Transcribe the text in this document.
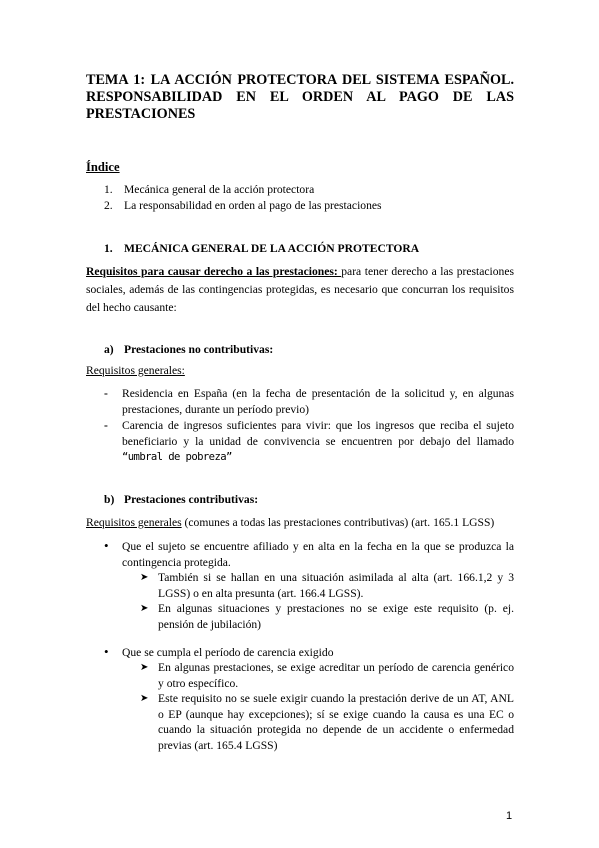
TEMA 1: LA ACCIÓN PROTECTORA DEL SISTEMA ESPAÑOL. RESPONSABILIDAD EN EL ORDEN AL PAGO DE LAS PRESTACIONES
Índice
1. Mecánica general de la acción protectora
2. La responsabilidad en orden al pago de las prestaciones
1. MECÁNICA GENERAL DE LA ACCIÓN PROTECTORA

Requisitos para causar derecho a las prestaciones: para tener derecho a las prestaciones sociales, además de las contingencias protegidas, es necesario que concurran los requisitos del hecho causante:

a) Prestaciones no contributivas:
Requisitos generales:
- Residencia en España (en la fecha de presentación de la solicitud y, en algunas prestaciones, durante un período previo)
- Carencia de ingresos suficientes para vivir: que los ingresos que reciba el sujeto beneficiario y la unidad de convivencia se encuentren por debajo del llamado “umbral de pobreza”
b) Prestaciones contributivas:
Requisitos generales (comunes a todas las prestaciones contributivas) (art. 165.1 LGSS)
• Que el sujeto se encuentre afiliado y en alta en la fecha en la que se produzca la contingencia protegida.
➤ También si se hallan en una situación asimilada al alta (art. 166.1,2 y 3 LGSS) o en alta presunta (art. 166.4 LGSS).
➤ En algunas situaciones y prestaciones no se exige este requisito (p. ej. pensión de jubilación)
• Que se cumpla el período de carencia exigido
➤ En algunas prestaciones, se exige acreditar un período de carencia genérico y otro específico.
➤ Este requisito no se suele exigir cuando la prestación derive de un AT, ANL o EP (aunque hay excepciones); sí se exige cuando la causa es una EC o cuando la situación protegida no depende de un accidente o enfermedad previas (art. 165.4 LGSS)
1
